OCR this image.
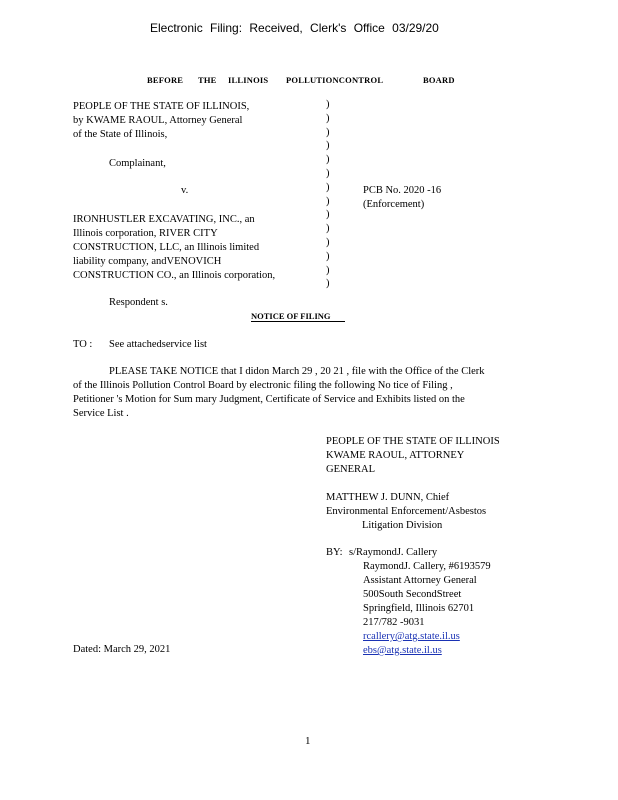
Electronic Filing: Received, Clerk's Office 03/29/20
BEFORE THE ILLINOIS POLLUTIONCONTROL	BOARD
PEOPLE OF THE STATE OF ILLINOIS,
by KWAME RAOUL, Attorney General
of the State of Illinois,
Complainant,
v.
IRONHUSTLER EXCAVATING, INC., an
Illinois corporation, RIVER CITY
CONSTRUCTION, LLC, an Illinois limited
liability company, andVENOVICH
CONSTRUCTION CO., an Illinois corporation,
Respondent s.
)
)
)
)
)
)
)
)
)
)
)
)
)
)
PCB No. 2020 -16
(Enforcement)
NOTICE OF FILING
TO : See attachedservice list
PLEASE TAKE NOTICE that I didon March 29 , 20 21 , file with the Office of the Clerk
of the Illinois Pollution Control Board by electronic filing the following No tice of Filing ,
Petitioner 's Motion for Sum mary Judgment, Certificate of Service and Exhibits listed on the
Service List .
PEOPLE OF THE STATE OF ILLINOIS
KWAME RAOUL, ATTORNEY
GENERAL
MATTHEW J. DUNN, Chief
Environmental Enforcement/Asbestos
Litigation Division
BY: s/RaymondJ. Callery
RaymondJ. Callery, #6193579
Assistant Attorney General
500South SecondStreet
Springfield, Illinois 62701
217/782 -9031
rcallery@atg.state.il.us
ebs@atg.state.il.us
Dated: March 29, 2021
1
